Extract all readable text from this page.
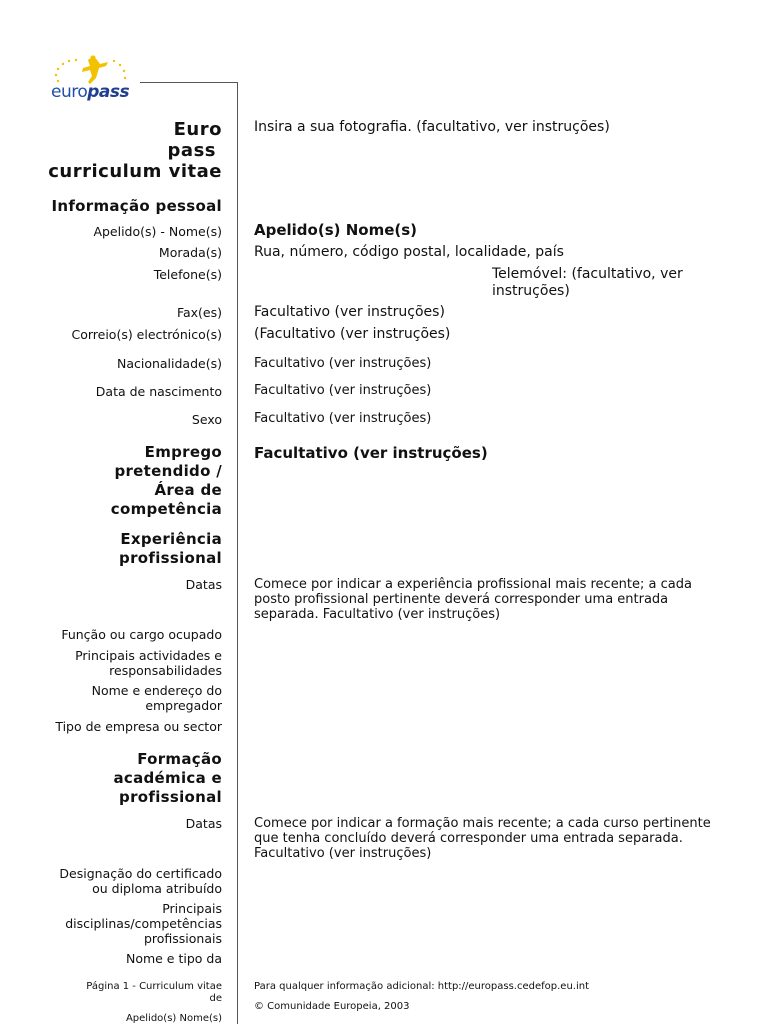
europass
Euro
pass
curriculum vitae
Insira a sua fotografia. (facultativo, ver instruções)
Informação pessoal
Apelido(s) - Nome(s) Apelido(s) Nome(s)
Morada(s) Rua, número, código postal, localidade, país
Telefone(s)	Telemóvel: (facultativo, ver instruções)
Fax(es) Facultativo (ver instruções)
Correio(s) electrónico(s) (Facultativo (ver instruções)
Nacionalidade(s) Facultativo (ver instruções)
Data de nascimento Facultativo (ver instruções)
Sexo Facultativo (ver instruções)
Emprego pretendido / Área de competência
Facultativo (ver instruções)
Experiência profissional
Datas Comece por indicar a experiência profissional mais recente; a cada posto profissional pertinente deverá corresponder uma entrada separada. Facultativo (ver instruções)
Função ou cargo ocupado
Principais actividades e responsabilidades
Nome e endereço do empregador
Tipo de empresa ou sector
Formação académica e profissional
Datas Comece por indicar a formação mais recente; a cada curso pertinente que tenha concluído deverá corresponder uma entrada separada. Facultativo (ver instruções)
Designação do certificado ou diploma atribuído
Principais disciplinas/competências profissionais
Nome e tipo da
Página 1 - Curriculum vitae de
Apelido(s) Nome(s)
Para qualquer informação adicional: http://europass.cedefop.eu.int
© Comunidade Europeia, 2003
